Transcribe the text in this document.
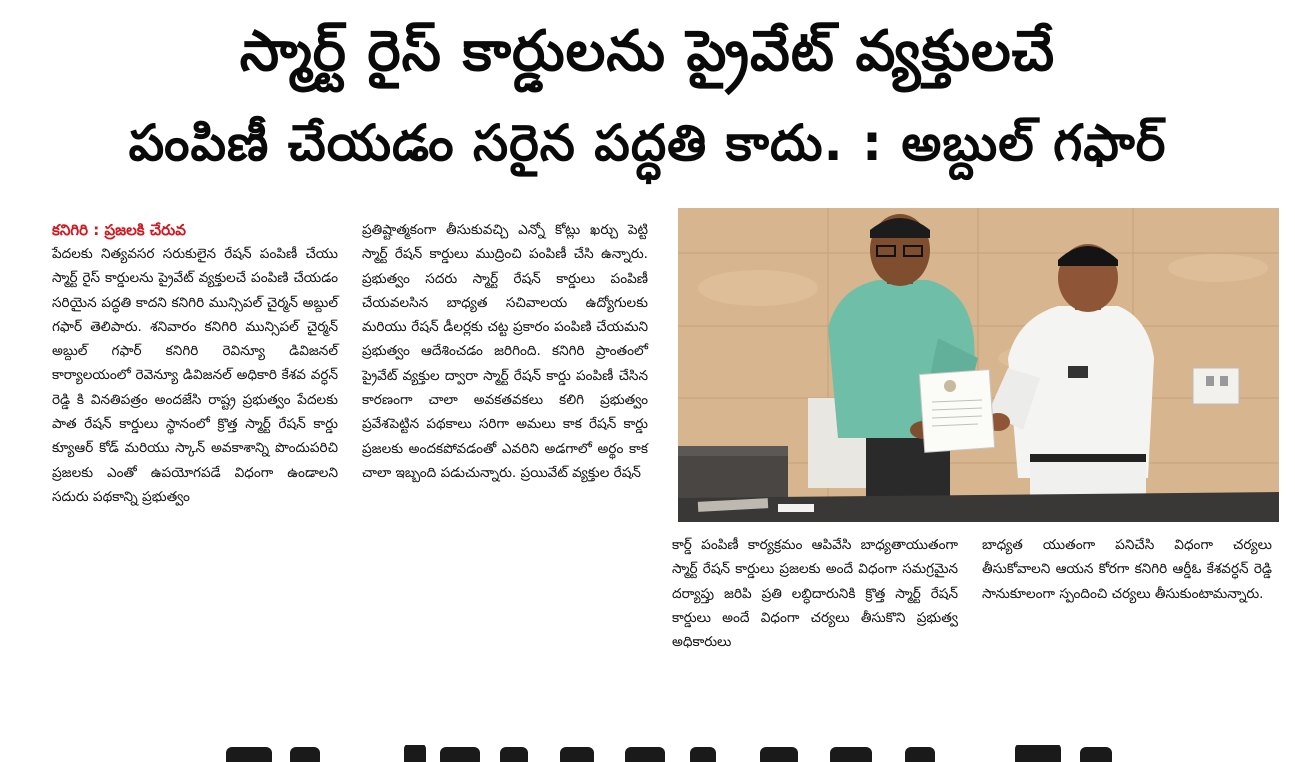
స్మార్ట్ రైస్ కార్డులను ప్రైవేట్ వ్యక్తులచే
పంపిణీ చేయడం సరైన పద్ధతి కాదు. : అబ్దుల్ గఫార్
కనిగిరి : ప్రజలకి చేరువ

పేదలకు నిత్యవసర సరుకులైన రేషన్ పంపిణీ చేయు స్మార్ట్ రైస్ కార్డులను ప్రైవేట్ వ్యక్తులచే పంపిణి చేయడం సరియైన పద్ధతి కాదని కనిగిరి మున్సిపల్ చైర్మన్ అబ్దుల్ గఫార్ తెలిపారు. శనివారం కనిగిరి మున్సిపల్ చైర్మన్ అబ్దుల్ గఫార్ కనిగిరి రెవిన్యూ డివిజనల్ కార్యాలయంలో రెవెన్యూ డివిజనల్ అధికారి కేశవ వర్ధన్ రెడ్డి కి వినతిపత్రం అందజేసి రాష్ట్ర ప్రభుత్వం పేదలకు పాత రేషన్ కార్డులు స్థానంలో క్రొత్త స్మార్ట్ రేషన్ కార్డు క్యూఆర్ కోడ్ మరియు స్కాన్ అవకాశాన్ని పొందుపరిచి ప్రజలకు ఎంతో ఉపయోగపడే విధంగా ఉండాలని సదురు పథకాన్ని ప్రభుత్వం

ప్రతిష్టాత్మకంగా తీసుకువచ్చి ఎన్నో కోట్లు ఖర్చు పెట్టి స్మార్ట్ రేషన్ కార్డులు ముద్రించి పంపిణీ చేసి ఉన్నారు. ప్రభుత్వం సదరు స్మార్ట్ రేషన్ కార్డులు పంపిణీ చేయవలసిన బాధ్యత సచివాలయ ఉద్యోగులకు మరియు రేషన్ డీలర్లకు చట్ట ప్రకారం పంపిణి చేయమని ప్రభుత్వం ఆదేశించడం జరిగింది. కనిగిరి ప్రాంతంలో ప్రైవేట్ వ్యక్తుల ద్వారా స్మార్ట్ రేషన్ కార్డు పంపిణీ చేసిన కారణంగా చాలా అవకతవకలు కలిగి ప్రభుత్వం ప్రవేశపెట్టిన పథకాలు సరిగా అమలు కాక రేషన్ కార్డు ప్రజలకు అందకపోవడంతో ఎవరిని అడగాలో అర్థం కాక చాలా ఇబ్బంది పడుచున్నారు. ప్రయివేట్ వ్యక్తుల రేషన్

కార్డ్ పంపిణీ కార్యక్రమం ఆపివేసి బాధ్యతాయుతంగా స్మార్ట్ రేషన్ కార్డులు ప్రజలకు అందే విధంగా సమగ్రమైన దర్యాప్తు జరిపి ప్రతి లబ్ధిదారునికి క్రొత్త స్మార్ట్ రేషన్ కార్డులు అందే విధంగా చర్యలు తీసుకొని ప్రభుత్వ అధికారులు

బాధ్యత యుతంగా పనిచేసి విధంగా చర్యలు తీసుకోవాలని ఆయన కోరగా కనిగిరి ఆర్డీఓ కేశవర్ధన్ రెడ్డి సానుకూలంగా స్పందించి చర్యలు తీసుకుంటామన్నారు.
